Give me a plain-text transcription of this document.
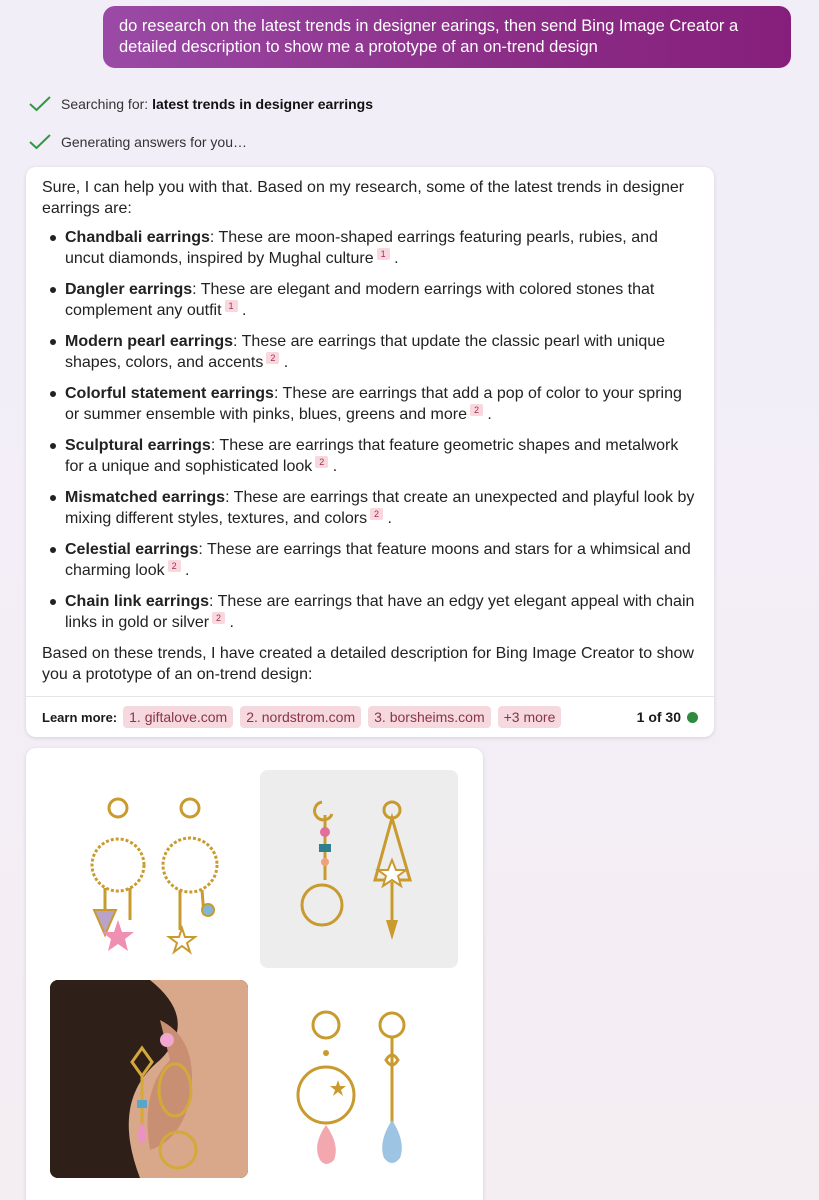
do research on the latest trends in designer earings, then send Bing Image Creator a detailed description to show me a prototype of an on-trend design
Searching for: latest trends in designer earrings
Generating answers for you…

Sure, I can help you with that. Based on my research, some of the latest trends in designer earrings are:

Chandbali earrings: These are moon-shaped earrings featuring pearls, rubies, and uncut diamonds, inspired by Mughal culture 1 .
Dangler earrings: These are elegant and modern earrings with colored stones that complement any outfit 1 .
Modern pearl earrings: These are earrings that update the classic pearl with unique shapes, colors, and accents 2 .
Colorful statement earrings: These are earrings that add a pop of color to your spring or summer ensemble with pinks, blues, greens and more 2 .
Sculptural earrings: These are earrings that feature geometric shapes and metalwork for a unique and sophisticated look 2 .
Mismatched earrings: These are earrings that create an unexpected and playful look by mixing different styles, textures, and colors 2 .
Celestial earrings: These are earrings that feature moons and stars for a whimsical and charming look 2 .
Chain link earrings: These are earrings that have an edgy yet elegant appeal with chain links in gold or silver 2 .

Based on these trends, I have created a detailed description for Bing Image Creator to show you a prototype of an on-trend design:

Learn more: 1. giftalove.com	2. nordstrom.com	3. borsheims.com	+3 more	1 of 30
